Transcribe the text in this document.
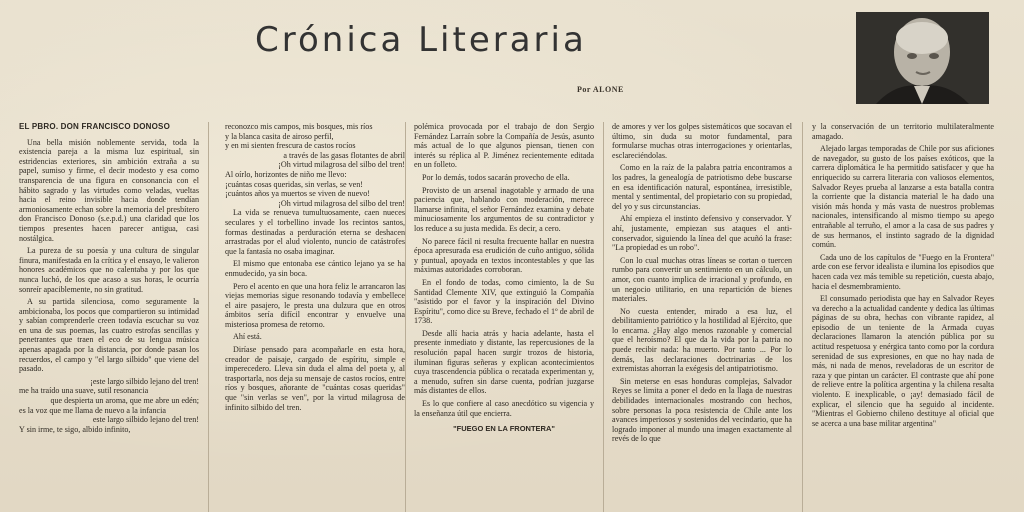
Crónica Literaria
Por ALONE

EL PBRO. DON FRANCISCO DONOSO

Una bella misión noblemente servida, toda la existencia pareja a la misma luz espiritual, sin estridencias exteriores, sin ambición extraña a su papel, sumiso y firme, el decir modesto y esa como transparencia de una figura en consonancia con el hábito sagrado y las virtudes como veladas, vueltas hacia el reino invisible hacia donde tendían armoniosamente echan sobre la memoria del presbítero don Francisco Donoso (s.e.p.d.) una claridad que los tiempos presentes hacen parecer antigua, casi nostálgica.

La pureza de su poesía y una cultura de singular finura, manifestada en la crítica y el ensayo, le valieron honores académicos que no calentaba y por los que nunca luchó, de los que acaso a sus horas, le ocurría sonreír apaciblemente, no sin gratitud.

A su partida silenciosa, como seguramente la ambicionaba, los pocos que compartieron su intimidad y sabían comprenderle creen todavía escuchar su voz en una de sus poemas, las cuatro estrofas sencillas y penetrantes que traen el eco de su lengua música apenas apagada por la distancia, por donde pasan los recuerdos, el campo y "el largo silbido" que viene del pasado.

¡este largo silbido lejano del tren!

me ha traído una suave, sutil resonancia

que despierta un aroma, que me abre un edén;

es la voz que me llama de nuevo a la infancia

este largo silbido lejano del tren!

Y sin irme, te sigo, albido infinito,

reconozco mis campos, mis bosques, mis ríos

y la blanca casita de airoso perfil,

y en mi sienten frescura de castos rocíos

a través de las gasas flotantes de abril

¡Oh virtud milagrosa del silbo del tren!

Al oírlo, horizontes de niño me llevo:

¡cuántas cosas queridas, sin verlas, se ven!

¡cuántos años ya muertos se viven de nuevo!

¡Oh virtud milagrosa del silbo del tren!

La vida se renueva tumultuosamente, caen nueces seculares y el torbellino invade los recintos santos, formas destinadas a perduración eterna se deshacen arrastradas por el alud violento, nuncio de catástrofes que la fantasía no osaba imaginar.

El mismo que entonaba ese cántico lejano ya se ha enmudecido, ya sin boca.

Pero el acento en que una hora feliz le arrancaron las viejas memorias sigue resonando todavía y embellece el aire pasajero, le presta una dulzura que en otros ámbitos sería difícil encontrar y envuelve una misteriosa promesa de retorno.

Ahí está.

Diríase pensado para acompañarle en esta hora, creador de paisaje, cargado de espíritu, simple e imperecedero. Lleva sin duda el alma del poeta y, al trasportarla, nos deja su mensaje de castos rocíos, entre ríos y bosques, añorante de "cuántas cosas queridas" que "sin verlas se ven", por la virtud milagrosa de infinito silbido del tren.

polémica provocada por el trabajo de don Sergio Fernández Larraín sobre la Compañía de Jesús, asunto más actual de lo que algunos piensan, tienen con interés su réplica al P. Jiménez recientemente editada en un folleto.

Por lo demás, todos sacarán provecho de ella.

Provisto de un arsenal inagotable y armado de una paciencia que, hablando con moderación, merece llamarse infinita, el señor Fernández examina y debate minuciosamente los argumentos de su contradictor y los reduce a su justa medida. Es decir, a cero.

No parece fácil ni resulta frecuente hallar en nuestra época apresurada esa erudición de cuño antiguo, sólida y puntual, apoyada en textos incontestables y que las máximas autoridades corroboran.

En el fondo de todas, como cimiento, la de Su Santidad Clemente XIV, que extinguió la Compañía "asistido por el favor y la inspiración del Divino Espíritu", como dice su Breve, fechado el 1º de abril de 1738.

Desde allí hacia atrás y hacia adelante, hasta el presente inmediato y distante, las repercusiones de la resolución papal hacen surgir trozos de historia, iluminan figuras señeras y explican acontecimientos cuya trascendencia pública o recatada experimentan y, a menudo, sufren sin darse cuenta, podrían juzgarse más distantes de ellos.

Es lo que confiere al caso anecdótico su vigencia y la enseñanza útil que encierra.

"FUEGO EN LA FRONTERA"

de amores y ver los golpes sistemáticos que socavan el último, sin duda su motor fundamental, para formularse muchas otras interrogaciones y orientarlas, esclareciéndolas.

Como en la raíz de la palabra patria encontramos a los padres, la genealogía de patriotismo debe buscarse en esa identificación natural, espontánea, irresistible, mental y sentimental, del propietario con su propiedad, del yo y sus circunstancias.

Ahí empieza el instinto defensivo y conservador. Y ahí, justamente, empiezan sus ataques el anti-conservador, siguiendo la línea del que acuñó la frase: "La propiedad es un robo".

Con lo cual muchas otras líneas se cortan o tuercen rumbo para convertir un sentimiento en un cálculo, un amor, con cuanto implica de irracional y profundo, en un negocio utilitario, en una repartición de bienes materiales.

No cuesta entender, mirado a esa luz, el debilitamiento patriótico y la hostilidad al Ejército, que lo encarna. ¿Hay algo menos razonable y comercial que el heroísmo? El que da la vida por la patria no puede recibir nada: ha muerto. Por tanto ... Por lo demás, las declaraciones doctrinarias de los extremistas ahorran la exégesis del antipatriotismo.

Sin meterse en esas honduras complejas, Salvador Reyes se limita a poner el dedo en la llaga de nuestras debilidades internacionales mostrando con hechos, sobre personas la poca resistencia de Chile ante los avances imperiosos y sostenidos del vecindario, que ha logrado imponer al mundo una imagen exactamente al revés de lo que

y la conservación de un territorio multilateralmente amagado.

Alejado largas temporadas de Chile por sus aficiones de navegador, su gusto de los países exóticos, que la carrera diplomática le ha permitido satisfacer y que ha enriquecido su carrera literaria con valiosos elementos, Salvador Reyes prueba al lanzarse a esta batalla contra la corriente que la distancia material le ha dado una visión más honda y más vasta de nuestros problemas nacionales, intensificando al mismo tiempo su apego entrañable al terruño, el amor a la casa de sus padres y de sus hermanos, el instinto sagrado de la dignidad común.

Cada uno de los capítulos de "Fuego en la Frontera" arde con ese fervor idealista e ilumina los episodios que hacen cada vez más temible su repetición, cuesta abajo, hacia el desmembramiento.

El consumado periodista que hay en Salvador Reyes va derecho a la actualidad candente y dedica las últimas páginas de su obra, hechas con vibrante rapidez, al episodio de un teniente de la Armada cuyas declaraciones llamaron la atención pública por su actitud respetuosa y enérgica tanto como por la cordura serenidad de sus expresiones, en que no hay nada de más, ni nada de menos, reveladoras de un escritor de raza y que pintan un carácter. El contraste que ahí pone de relieve entre la política argentina y la chilena resalta violento. E inexplicable, o ¡ay! demasiado fácil de explicar, el silencio que ha seguido al incidente. "Mientras el Gobierno chileno destituye al oficial que se acerca a una base militar argentina"
